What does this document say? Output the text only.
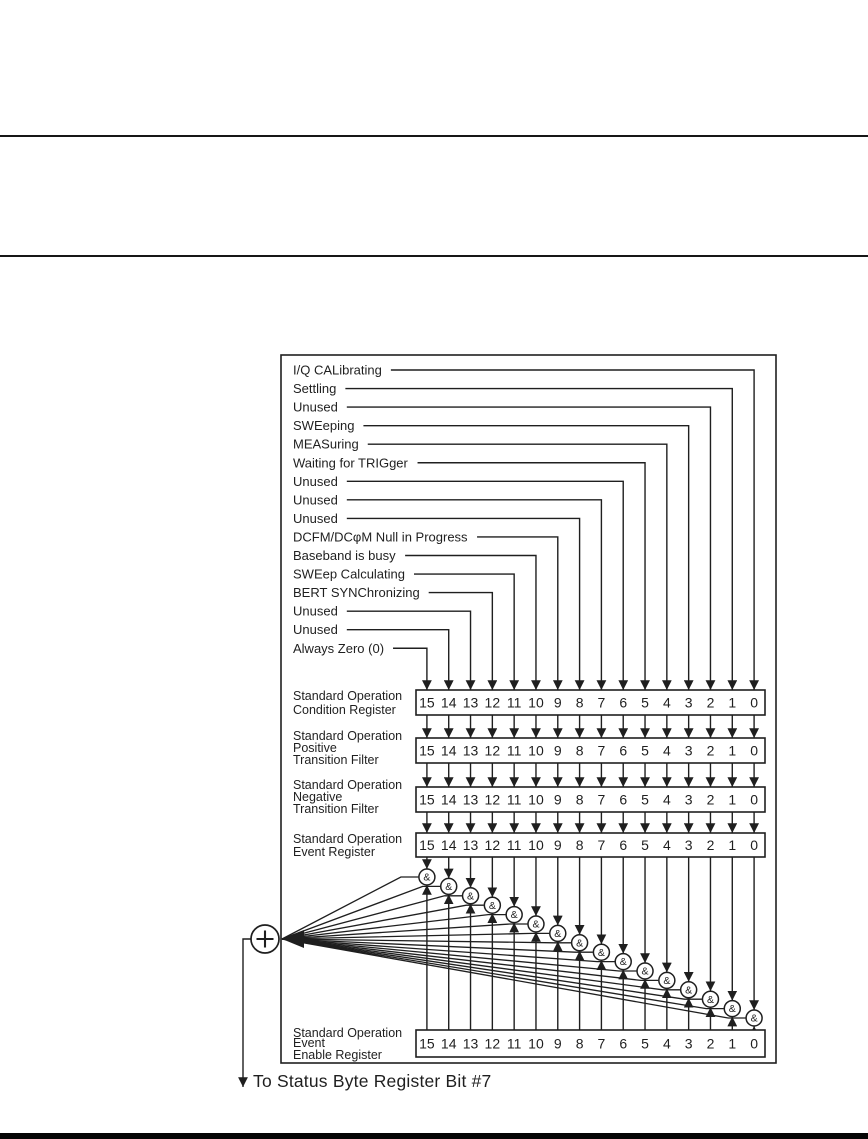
I/Q CALibrating
Settling
Unused
SWEeping
MEASuring
Waiting for TRIGger
Unused
Unused
Unused
DCFM/DCφM Null in Progress
Baseband is busy
SWEep Calculating
BERT SYNChronizing
Unused
Unused
Always Zero (0)
&
&
&
&
&
&
&
&
&
&
&
&
&
&
&
&
Standard Operation
Condition Register 15 14 13 12 11 10 9 8 7 6 5 4 3 2 1 0
Standard Operation
Positive
Transition Filter
15 14 13 12 11 10 9 8 7 6 5 4 3 2 1 0
Standard Operation
Negative
Transition Filter
15 14 13 12 11 10 9 8 7 6 5 4 3 2 1 0
Standard Operation
Event Register	15 14 13 12 11 10 9 8 7 6 5 4 3 2 1 0
Standard Operation
Event
Enable Register
15 14 13 12 11 10 9 8 7 6 5 4 3 2 1 0
To Status Byte Register Bit #7
